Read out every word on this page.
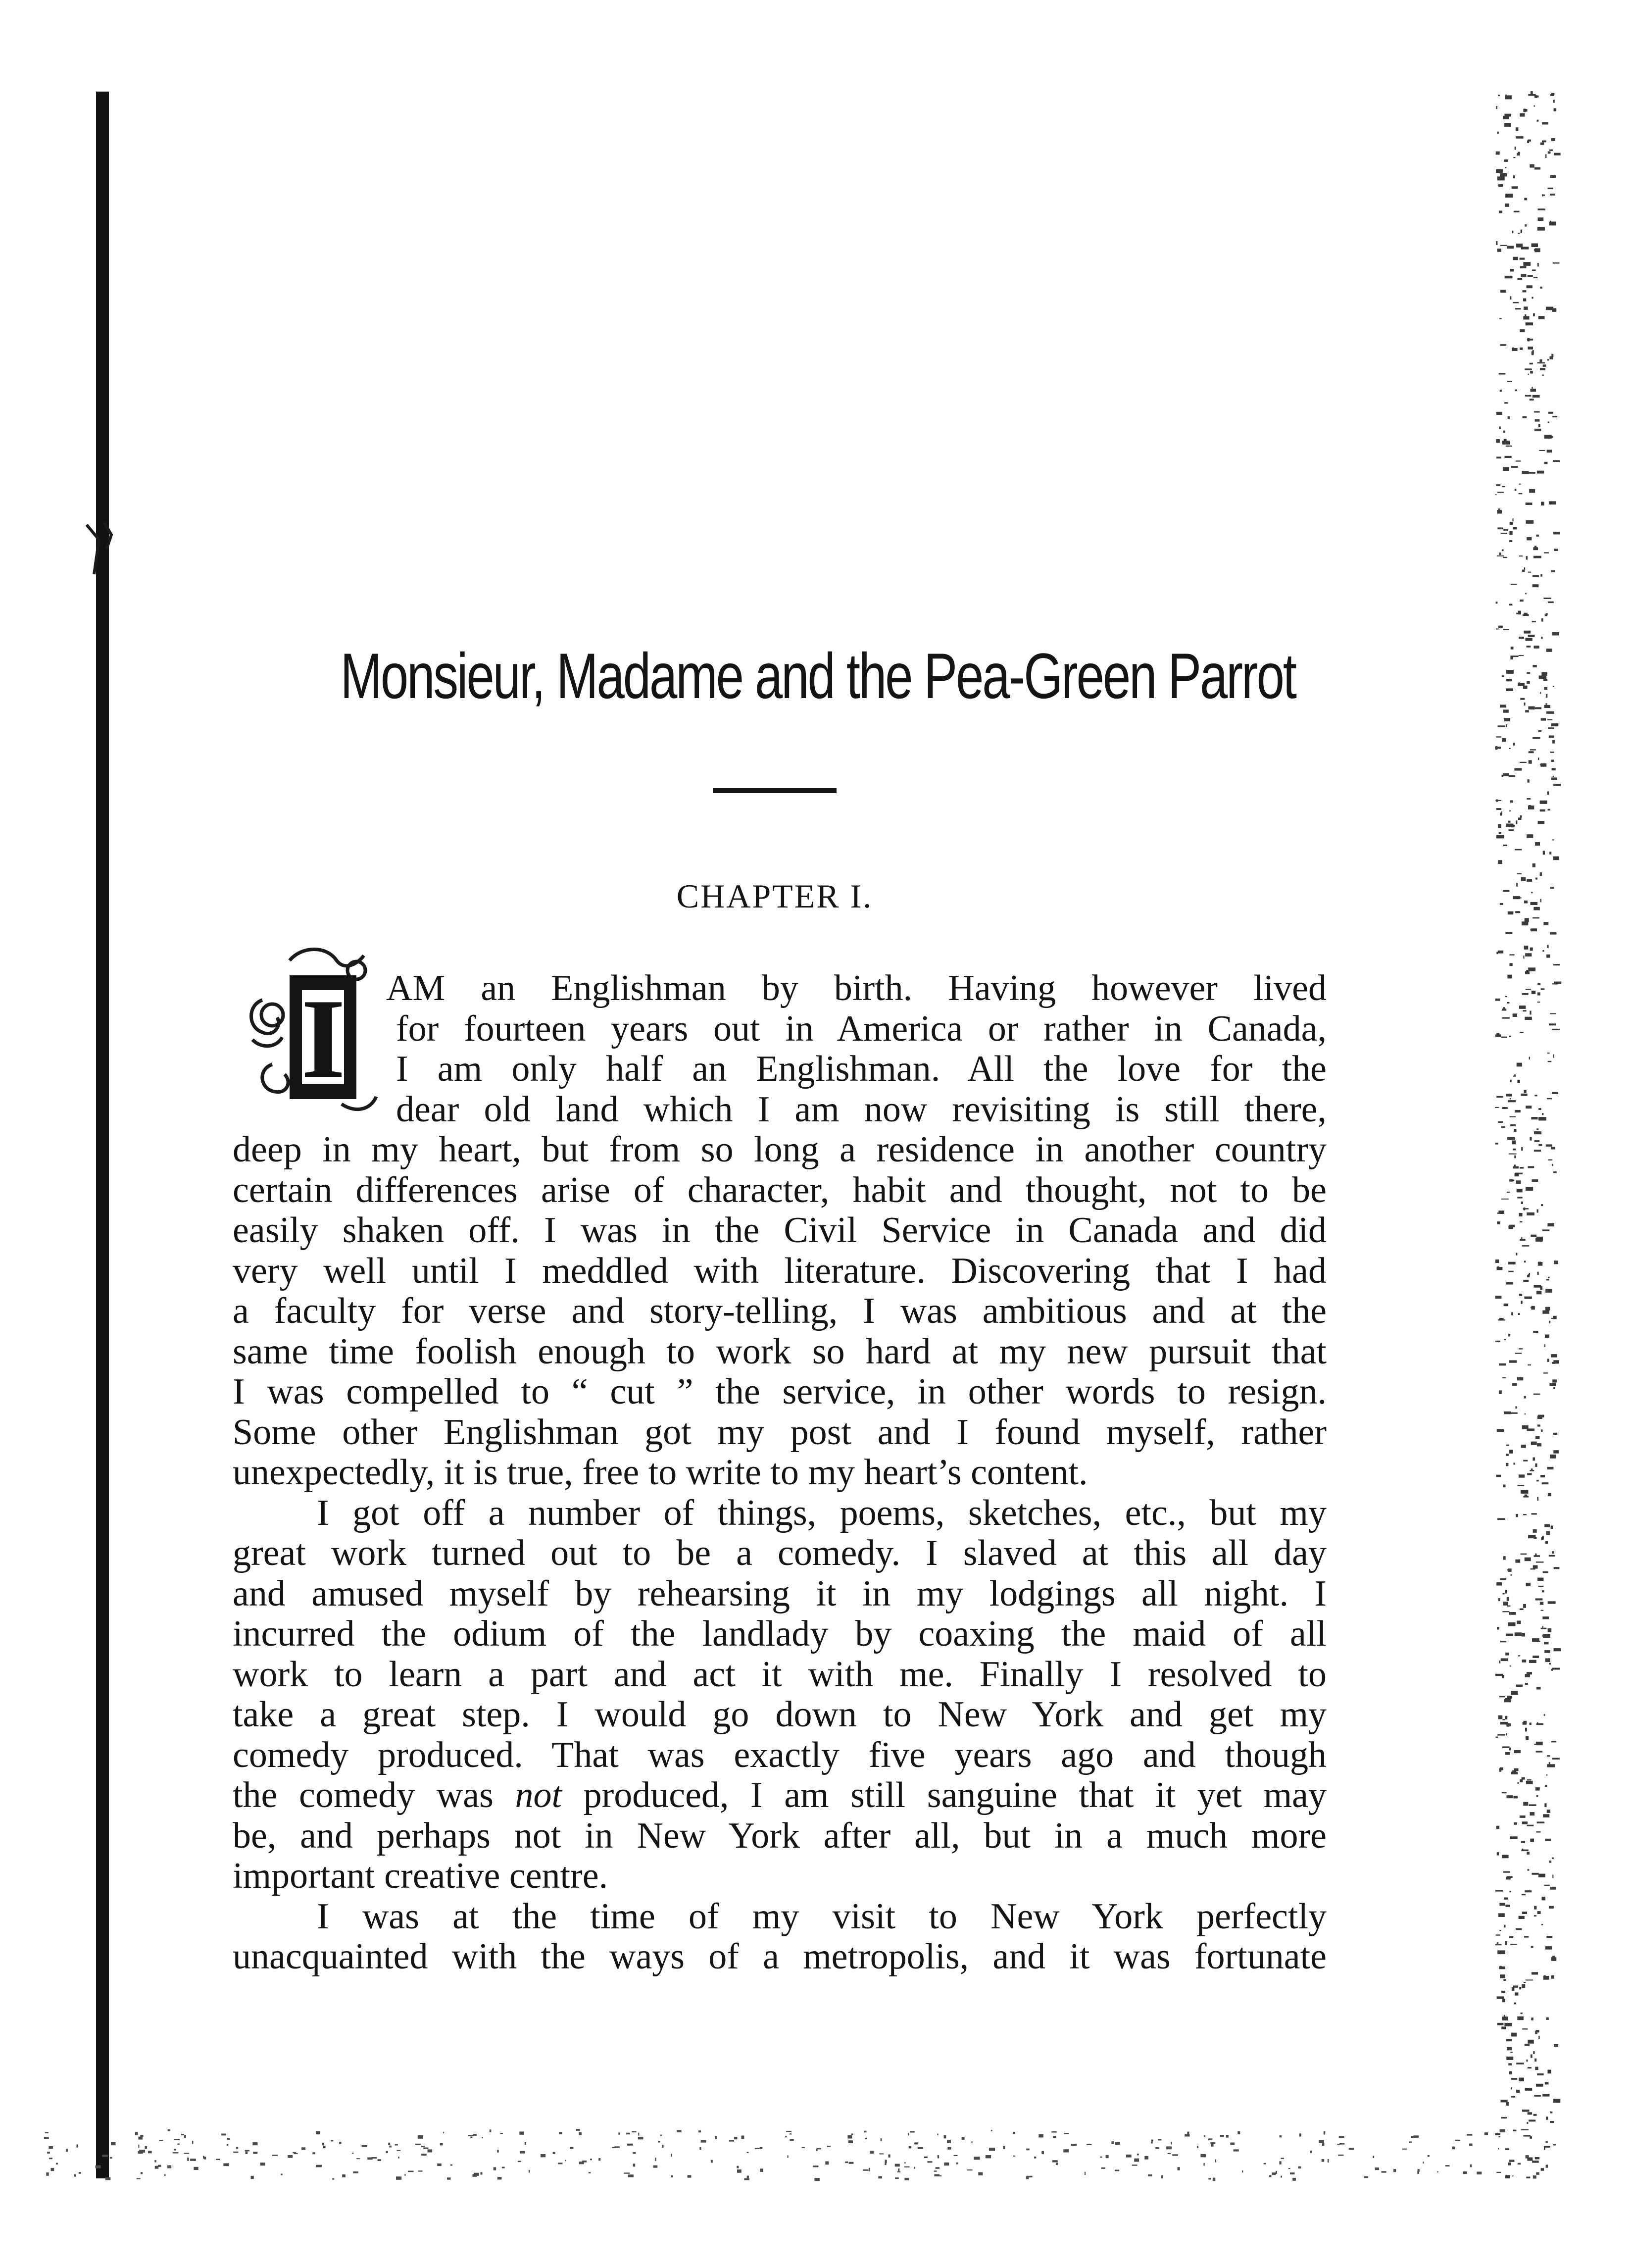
Monsieur, Madame and the Pea-Green Parrot
CHAPTER I.
I AM an Englishman by birth. Having however lived
for fourteen years out in America or rather in Canada,
I am only half an Englishman. All the love for the
dear old land which I am now revisiting is still there,
deep in my heart, but from so long a residence in another country
certain differences arise of character, habit and thought, not to be
easily shaken off. I was in the Civil Service in Canada and did
very well until I meddled with literature. Discovering that I had
a faculty for verse and story-telling, I was ambitious and at the
same time foolish enough to work so hard at my new pursuit that
I was compelled to “ cut ” the service, in other words to resign.
Some other Englishman got my post and I found myself, rather
unexpectedly, it is true, free to write to my heart’s content.

I got off a number of things, poems, sketches, etc., but my
great work turned out to be a comedy. I slaved at this all day
and amused myself by rehearsing it in my lodgings all night. I
incurred the odium of the landlady by coaxing the maid of all
work to learn a part and act it with me. Finally I resolved to
take a great step. I would go down to New York and get my
comedy produced. That was exactly five years ago and though
the comedy was not produced, I am still sanguine that it yet may
be, and perhaps not in New York after all, but in a much more
important creative centre.

I was at the time of my visit to New York perfectly
unacquainted with the ways of a metropolis, and it was fortunate
